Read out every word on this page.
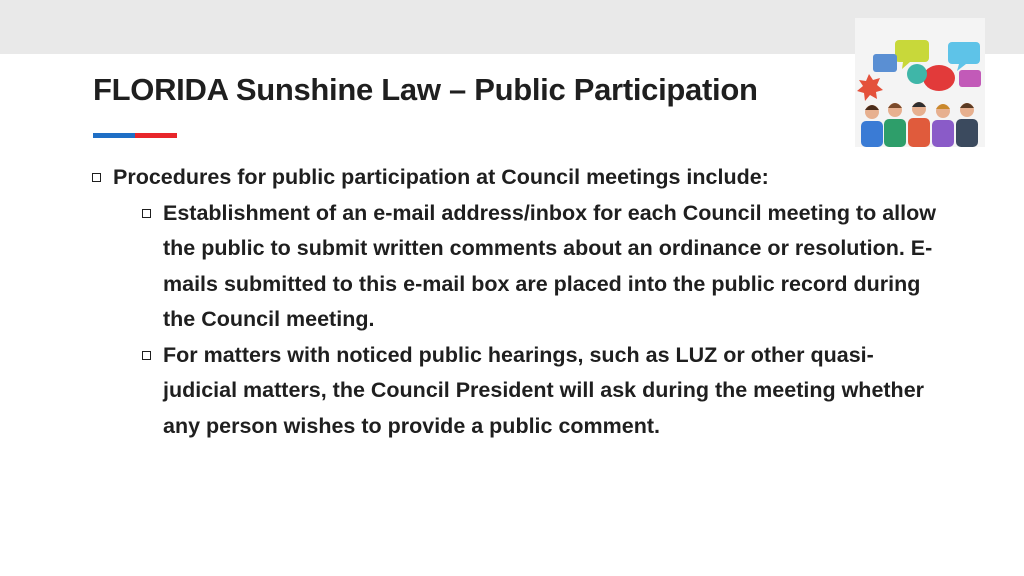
FLORIDA Sunshine Law – Public Participation
Procedures for public participation at Council meetings include:
Establishment of an e-mail address/inbox for each Council meeting to allow the public to submit written comments about an ordinance or resolution. E-mails submitted to this e-mail box are placed into the public record during the Council meeting.
For matters with noticed public hearings, such as LUZ or other quasi-judicial matters, the Council President will ask during the meeting whether any person wishes to provide a public comment.
